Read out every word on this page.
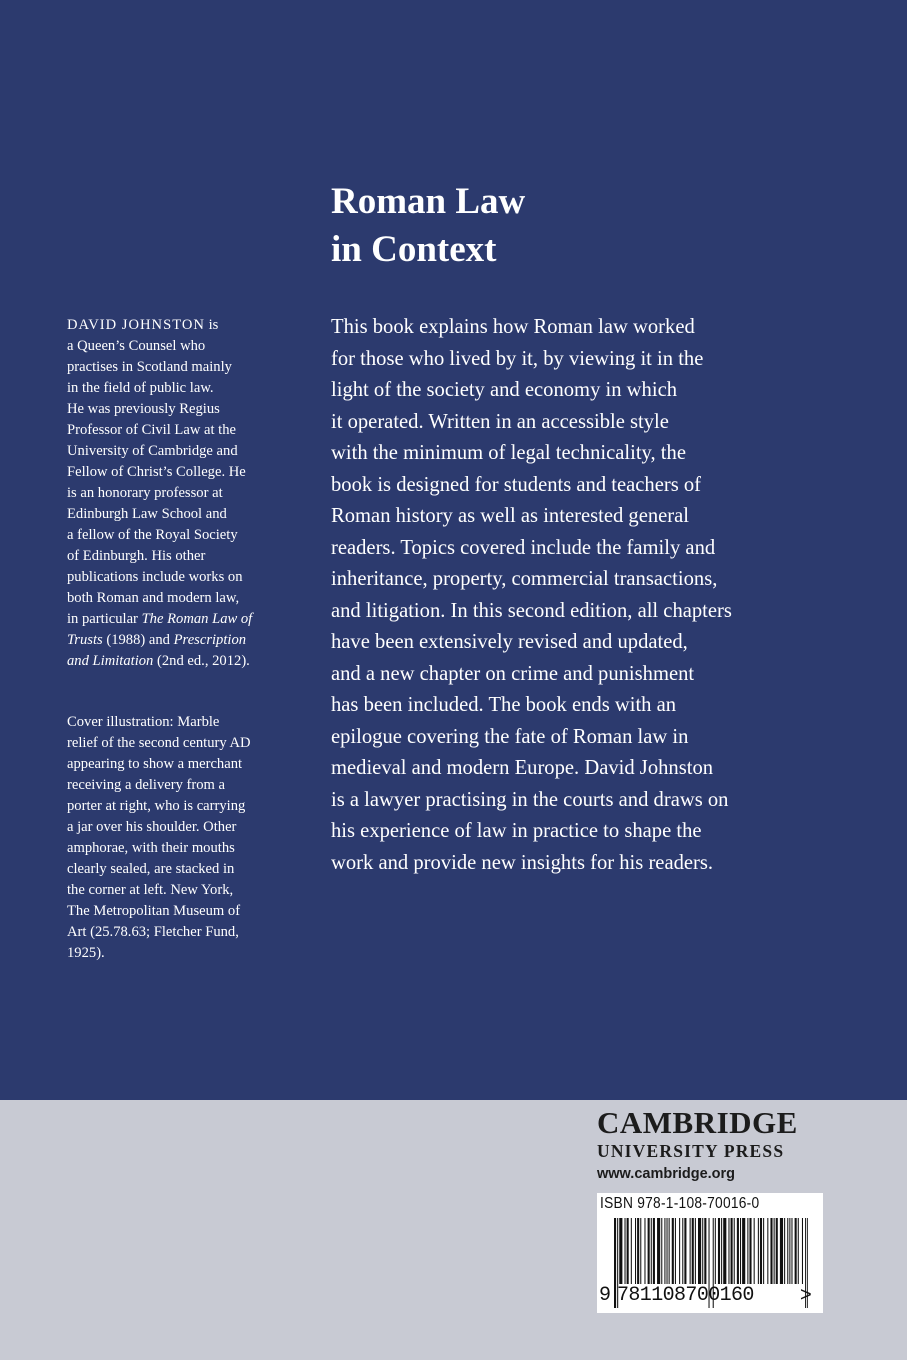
Roman Law
in Context
DAVID JOHNSTON is
a Queen’s Counsel who
practises in Scotland mainly
in the field of public law.
He was previously Regius
Professor of Civil Law at the
University of Cambridge and
Fellow of Christ’s College. He
is an honorary professor at
Edinburgh Law School and
a fellow of the Royal Society
of Edinburgh. His other
publications include works on
both Roman and modern law,
in particular The Roman Law of
Trusts (1988) and Prescription
and Limitation (2nd ed., 2012).
Cover illustration: Marble
relief of the second century AD
appearing to show a merchant
receiving a delivery from a
porter at right, who is carrying
a jar over his shoulder. Other
amphorae, with their mouths
clearly sealed, are stacked in
the corner at left. New York,
The Metropolitan Museum of
Art (25.78.63; Fletcher Fund,
1925).
This book explains how Roman law worked
for those who lived by it, by viewing it in the
light of the society and economy in which
it operated. Written in an accessible style
with the minimum of legal technicality, the
book is designed for students and teachers of
Roman history as well as interested general
readers. Topics covered include the family and
inheritance, property, commercial transactions,
and litigation. In this second edition, all chapters
have been extensively revised and updated,
and a new chapter on crime and punishment
has been included. The book ends with an
epilogue covering the fate of Roman law in
medieval and modern Europe. David Johnston
is a lawyer practising in the courts and draws on
his experience of law in practice to shape the
work and provide new insights for his readers.
CAMBRIDGE
UNIVERSITY PRESS
www.cambridge.org
ISBN 978-1-108-70016-0
9 781108700160 >
